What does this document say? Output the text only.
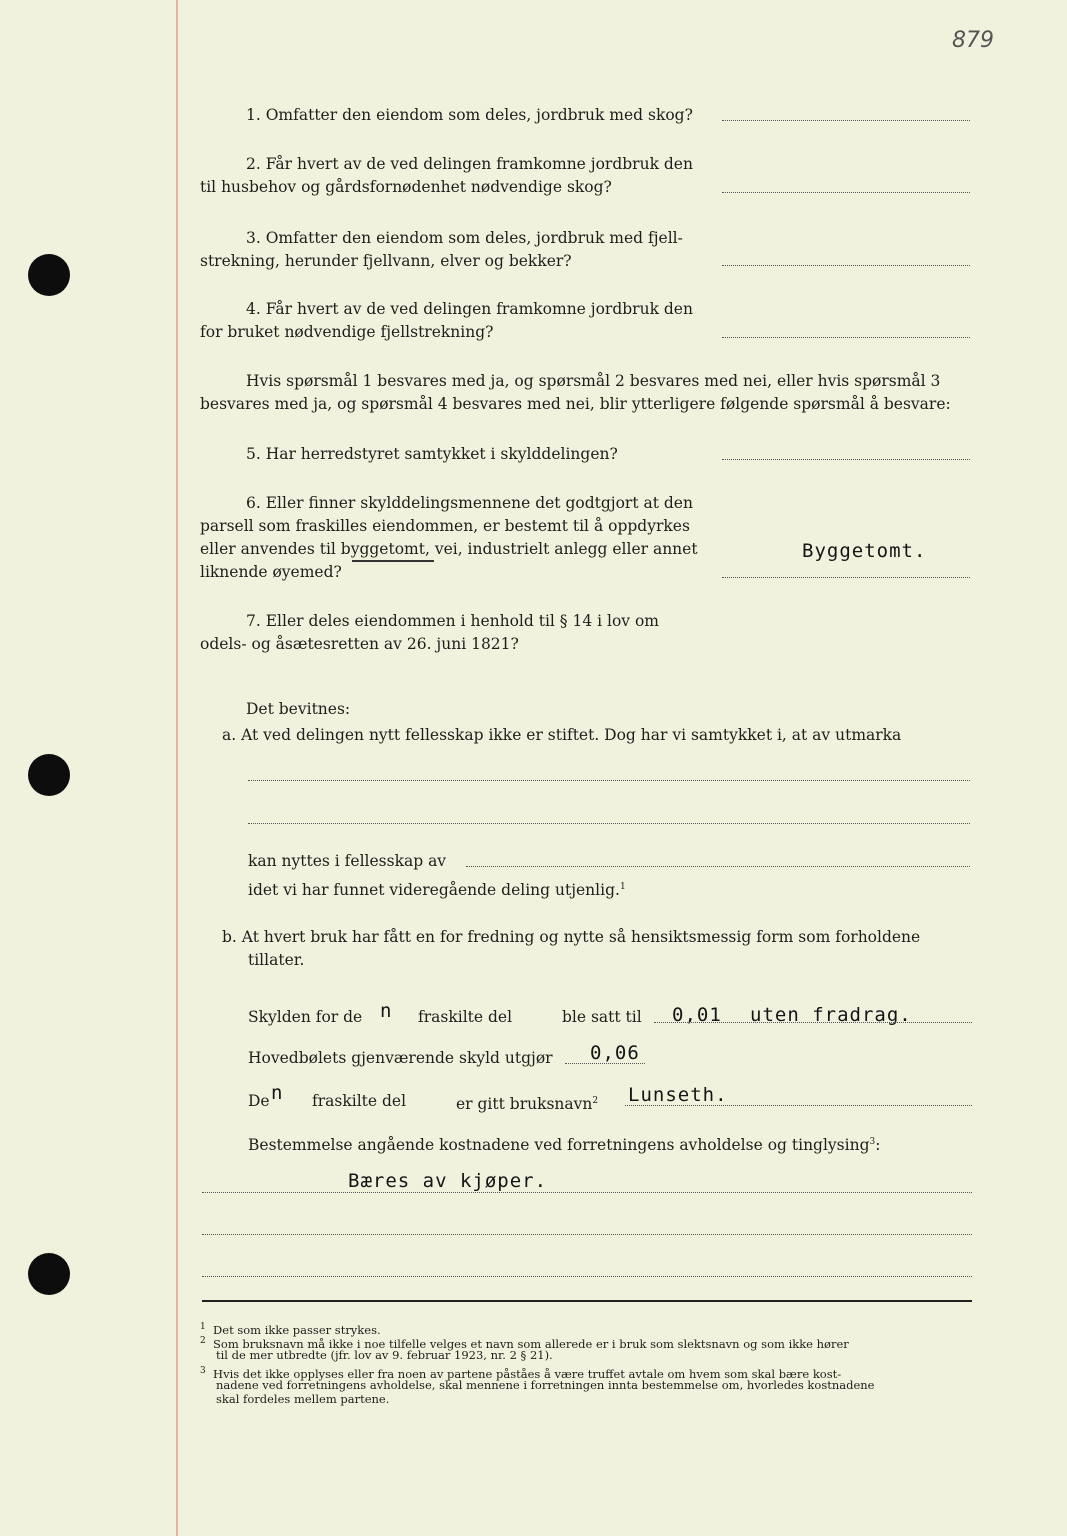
879
1. Omfatter den eiendom som deles, jordbruk med skog?
2. Får hvert av de ved delingen framkomne jordbruk den
til husbehov og gårdsfornødenhet nødvendige skog?
3. Omfatter den eiendom som deles, jordbruk med fjell-
strekning, herunder fjellvann, elver og bekker?
4. Får hvert av de ved delingen framkomne jordbruk den
for bruket nødvendige fjellstrekning?
Hvis spørsmål 1 besvares med ja, og spørsmål 2 besvares med nei, eller hvis spørsmål 3
besvares med ja, og spørsmål 4 besvares med nei, blir ytterligere følgende spørsmål å besvare:
5. Har herredstyret samtykket i skylddelingen?
6. Eller finner skylddelingsmennene det godtgjort at den
parsell som fraskilles eiendommen, er bestemt til å oppdyrkes
eller anvendes til byggetomt, vei, industrielt anlegg eller annet
liknende øyemed?
Byggetomt.
7. Eller deles eiendommen i henhold til § 14 i lov om
odels- og åsætesretten av 26. juni 1821?
Det bevitnes:
a. At ved delingen nytt fellesskap ikke er stiftet. Dog har vi samtykket i, at av utmarka
kan nyttes i fellesskap av
idet vi har funnet videregående deling utjenlig.$^1$
b. At hvert bruk har fått en for fredning og nytte så hensiktsmessig form som forholdene
tillater.
Skylden for de n fraskilte del	ble satt til 0,01 uten fradrag.
Hovedbølets gjenværende skyld utgjør 0,06
De n fraskilte del	er gitt bruksnavn$^2$ Lunseth.
Bestemmelse angående kostnadene ved forretningens avholdelse og tinglysing$^3$:
Bæres av kjøper.
$^1$ Det som ikke passer strykes.
$^2$ Som bruksnavn må ikke i noe tilfelle velges et navn som allerede er i bruk som slektsnavn og som ikke hører
til de mer utbredte (jfr. lov av 9. februar 1923, nr. 2 § 21).
$^3$ Hvis det ikke opplyses eller fra noen av partene påståes å være truffet avtale om hvem som skal bære kost-
nadene ved forretningens avholdelse, skal mennene i forretningen innta bestemmelse om, hvorledes kostnadene
skal fordeles mellem partene.
